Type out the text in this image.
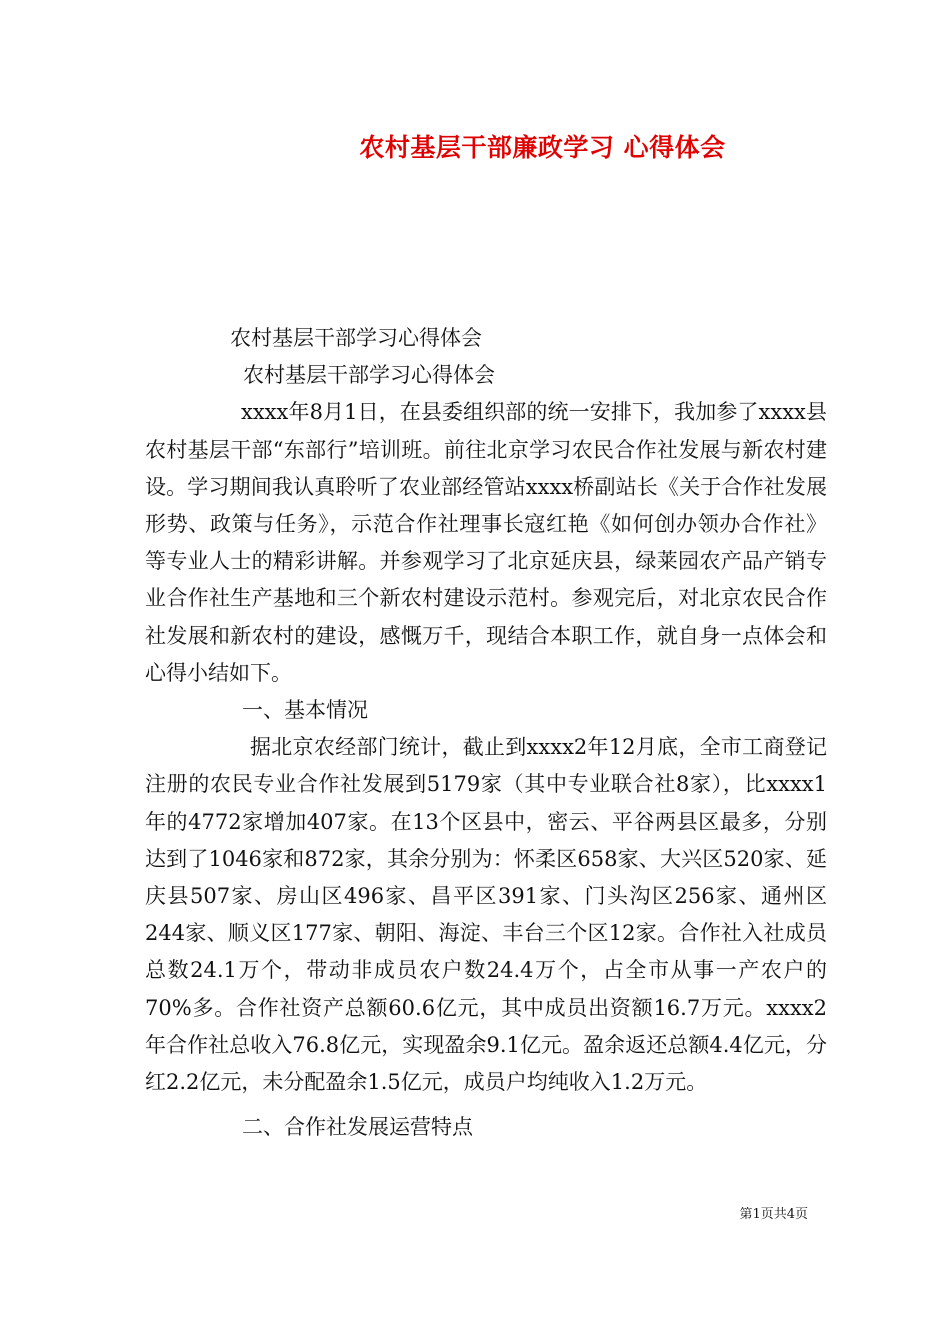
农村基层干部廉政学习 心得体会

农村基层干部学习心得体会

农村基层干部学习心得体会

xxxx年8月1日，在县委组织部的统一安排下，我加参了xxxx县农村基层干部“东部行”培训班。前往北京学习农民合作社发展与新农村建设。学习期间我认真聆听了农业部经管站xxxx桥副站长《关于合作社发展形势、政策与任务》，示范合作社理事长寇红艳《如何创办领办合作社》等专业人士的精彩讲解。并参观学习了北京延庆县，绿莱园农产品产销专业合作社生产基地和三个新农村建设示范村。参观完后，对北京农民合作社发展和新农村的建设，感慨万千，现结合本职工作，就自身一点体会和心得小结如下。

一、基本情况

据北京农经部门统计，截止到xxxx2年12月底，全市工商登记注册的农民专业合作社发展到5179家（其中专业联合社8家），比xxxx1年的4772家增加407家。在13个区县中，密云、平谷两县区最多，分别达到了1046家和872家，其余分别为：怀柔区658家、大兴区520家、延庆县507家、房山区496家、昌平区391家、门头沟区256家、通州区244家、顺义区177家、朝阳、海淀、丰台三个区12家。合作社入社成员总数24.1万个，带动非成员农户数24.4万个，占全市从事一产农户的70%多。合作社资产总额60.6亿元，其中成员出资额16.7万元。xxxx2年合作社总收入76.8亿元，实现盈余9.1亿元。盈余返还总额4.4亿元，分红2.2亿元，未分配盈余1.5亿元，成员户均纯收入1.2万元。

二、合作社发展运营特点

第1页共4页
